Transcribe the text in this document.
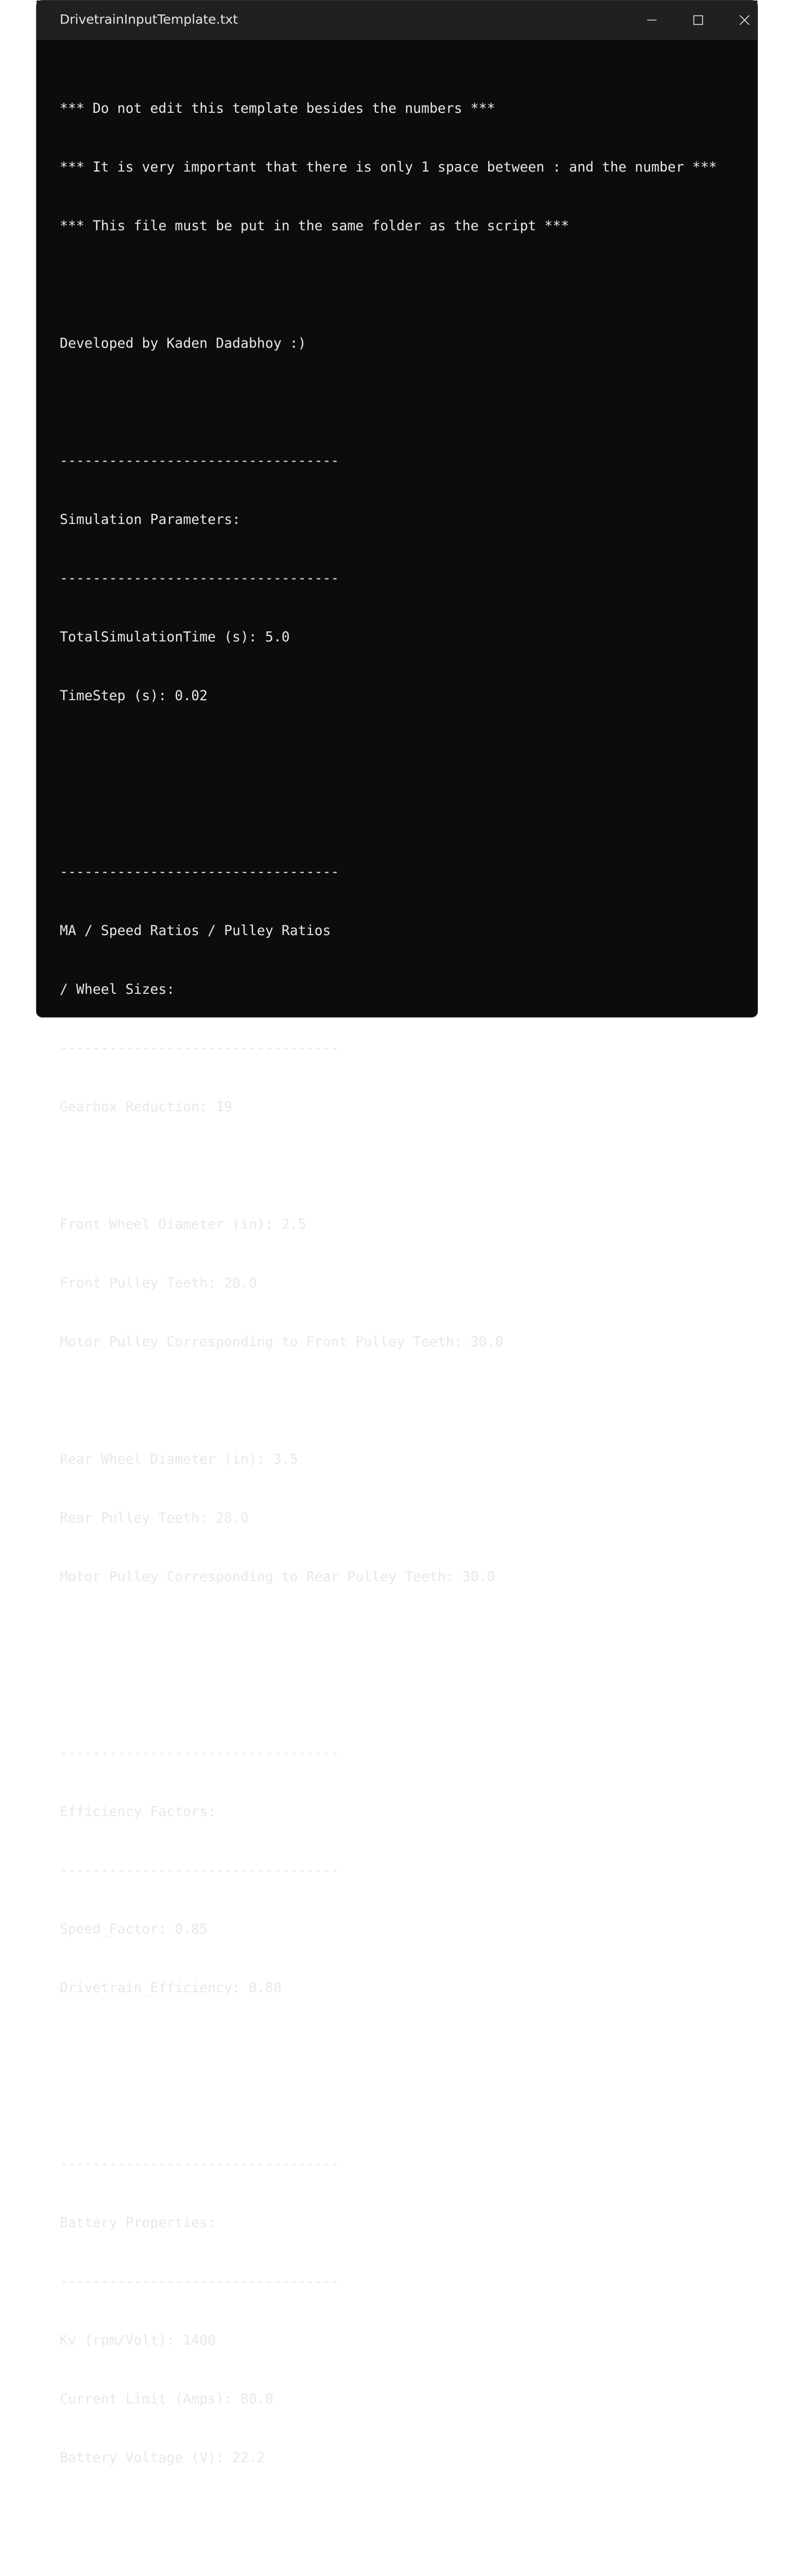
DrivetrainInputTemplate.txt

*** Do not edit this template besides the numbers ***

*** It is very important that there is only 1 space between : and the number ***

*** This file must be put in the same folder as the script ***

Developed by Kaden Dadabhoy :)

----------------------------------

Simulation Parameters:

----------------------------------

TotalSimulationTime (s): 5.0

TimeStep (s): 0.02

----------------------------------

MA / Speed Ratios / Pulley Ratios

/ Wheel Sizes:

----------------------------------

Gearbox Reduction: 19

Front Wheel Diameter (in): 2.5

Front Pulley Teeth: 20.0

Motor Pulley Corresponding to Front Pulley Teeth: 30.0

Rear Wheel Diameter (in): 3.5

Rear Pulley Teeth: 28.0

Motor Pulley Corresponding to Rear Pulley Teeth: 30.0

----------------------------------

Efficiency Factors:

----------------------------------

Speed_Factor: 0.85

Drivetrain_Efficiency: 0.80

----------------------------------

Battery Properties:

----------------------------------

Kv (rpm/Volt): 1400

Current Limit (Amps): 80.0

Battery Voltage (V): 22.2
